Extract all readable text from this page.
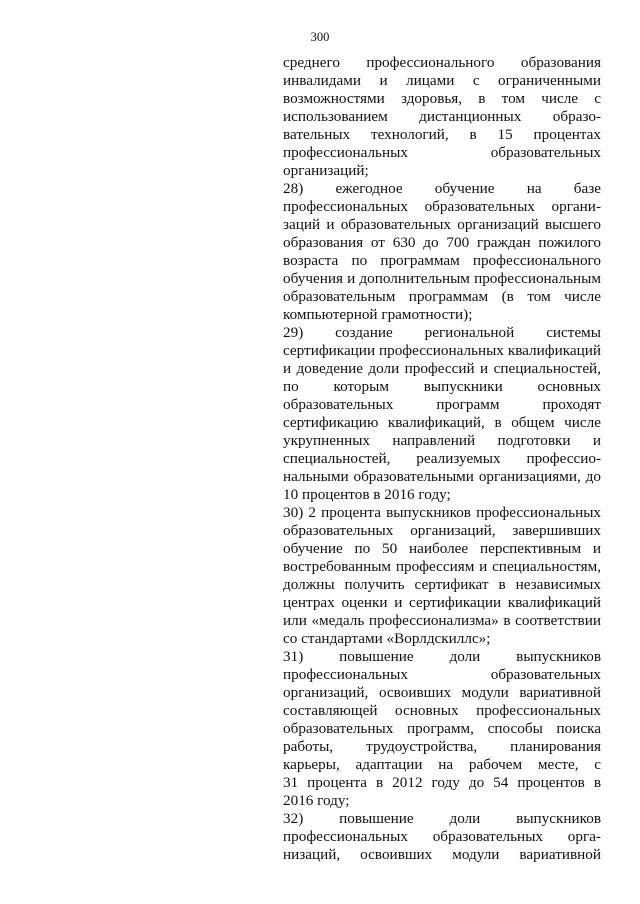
300
среднего профессионального образования
инвалидами и лицами с ограниченными
возможностями здоровья, в том числе с
использованием дистанционных образо-
вательных технологий, в 15 процентах
профессиональных образовательных
организаций;
28) ежегодное обучение на базе
профессиональных образовательных органи-
заций и образовательных организаций высшего
образования от 630 до 700 граждан пожилого
возраста по программам профессионального
обучения и дополнительным профессиональным
образовательным программам (в том числе
компьютерной грамотности);
29) создание региональной системы
сертификации профессиональных квалификаций
и доведение доли профессий и специальностей,
по которым выпускники основных
образовательных программ проходят
сертификацию квалификаций, в общем числе
укрупненных направлений подготовки и
специальностей, реализуемых професcио-
нальными образовательными организациями, до
10 процентов в 2016 году;
30) 2 процента выпускников профессиональных
образовательных организаций, завершивших
обучение по 50 наиболее перспективным и
востребованным профессиям и специальностям,
должны получить сертификат в независимых
центрах оценки и сертификации квалификаций
или «медаль профессионализма» в соответствии
со стандартами «Ворлдскиллс»;
31) повышение доли выпускников
профессиональных образовательных
организаций, освоивших модули вариативной
составляющей основных профессиональных
образовательных программ, способы поиска
работы, трудоустройства, планирования
карьеры, адаптации на рабочем месте, с
31 процента в 2012 году до 54 процентов в
2016 году;
32) повышение доли выпускников
профессиональных образовательных орга-
низаций, освоивших модули вариативной
